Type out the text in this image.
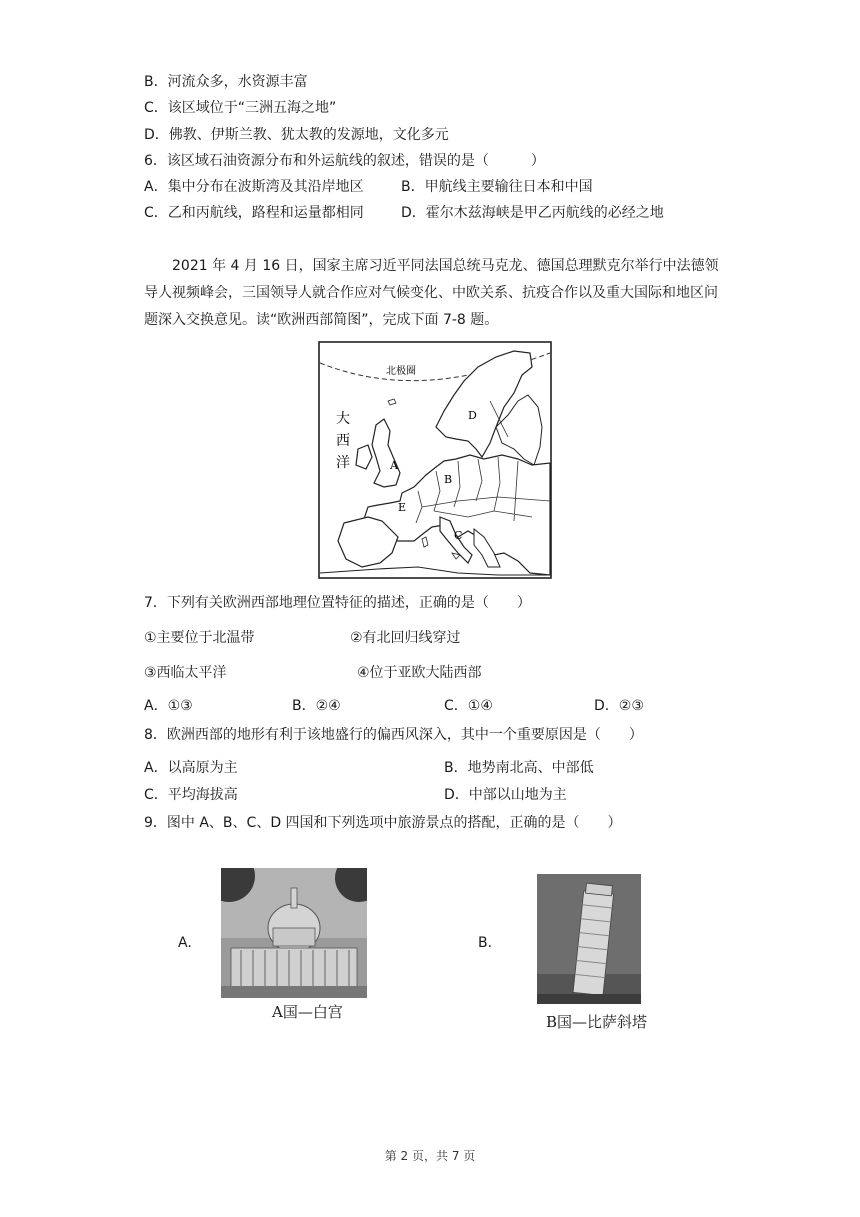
B．河流众多，水资源丰富
C．该区域位于“三洲五海之地”
D．佛教、伊斯兰教、犹太教的发源地，文化多元
6．该区域石油资源分布和外运航线的叙述，错误的是（　　　）
A．集中分布在波斯湾及其沿岸地区	B．甲航线主要输往日本和中国
C．乙和丙航线，路程和运量都相同	D．霍尔木兹海峡是甲乙丙航线的必经之地
2021 年 4 月 16 日，国家主席习近平同法国总统马克龙、德国总理默克尔举行中法德领导人视频峰会，三国领导人就合作应对气候变化、中欧关系、抗疫合作以及重大国际和地区问题深入交换意见。读“欧洲西部简图”，完成下面 7-8 题。
北极圈
大
西
洋	A
B
C
D
E
7．下列有关欧洲西部地理位置特征的描述，正确的是（　　）
①主要位于北温带	②有北回归线穿过
③西临太平洋	④位于亚欧大陆西部
A．①③	B．②④	C．①④	D．②③
8．欧洲西部的地形有利于该地盛行的偏西风深入，其中一个重要原因是（　　）
A．以高原为主	B．地势南北高、中部低
C．平均海拔高	D．中部以山地为主
9．图中 A、B、C、D 四国和下列选项中旅游景点的搭配，正确的是（　　）
A.
A国—白宫
B.
B国—比萨斜塔
第 2 页，共 7 页
